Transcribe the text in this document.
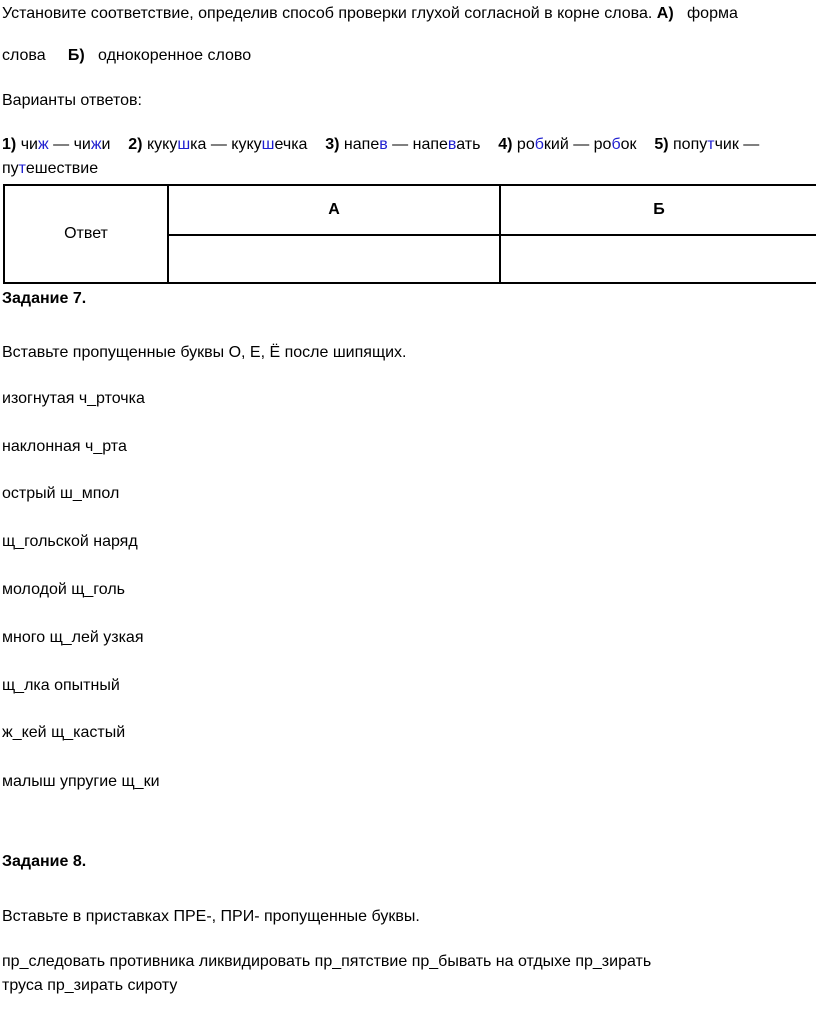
Установите соответствие, определив способ проверки глухой согласной в корне слова. А) форма
слова Б) однокоренное слово
Варианты ответов:
1) чиж — чижи 2) кукушка — кукушечка 3) напев — напевать 4) робкий — робок 5) попутчик —
путешествие
Ответ	А	Б

Задание 7.
Вставьте пропущенные буквы О, Е, Ё после шипящих.
изогнутая ч_рточка
наклонная ч_рта
острый ш_мпол
щ_гольской наряд
молодой щ_голь
много щ_лей узкая
щ_лка опытный
ж_кей щ_кастый
малыш упругие щ_ки
Задание 8.
Вставьте в приставках ПРЕ-, ПРИ- пропущенные буквы.
пр_следовать противника ликвидировать пр_пятствие пр_бывать на отдыхе пр_зирать
труса пр_зирать сироту
